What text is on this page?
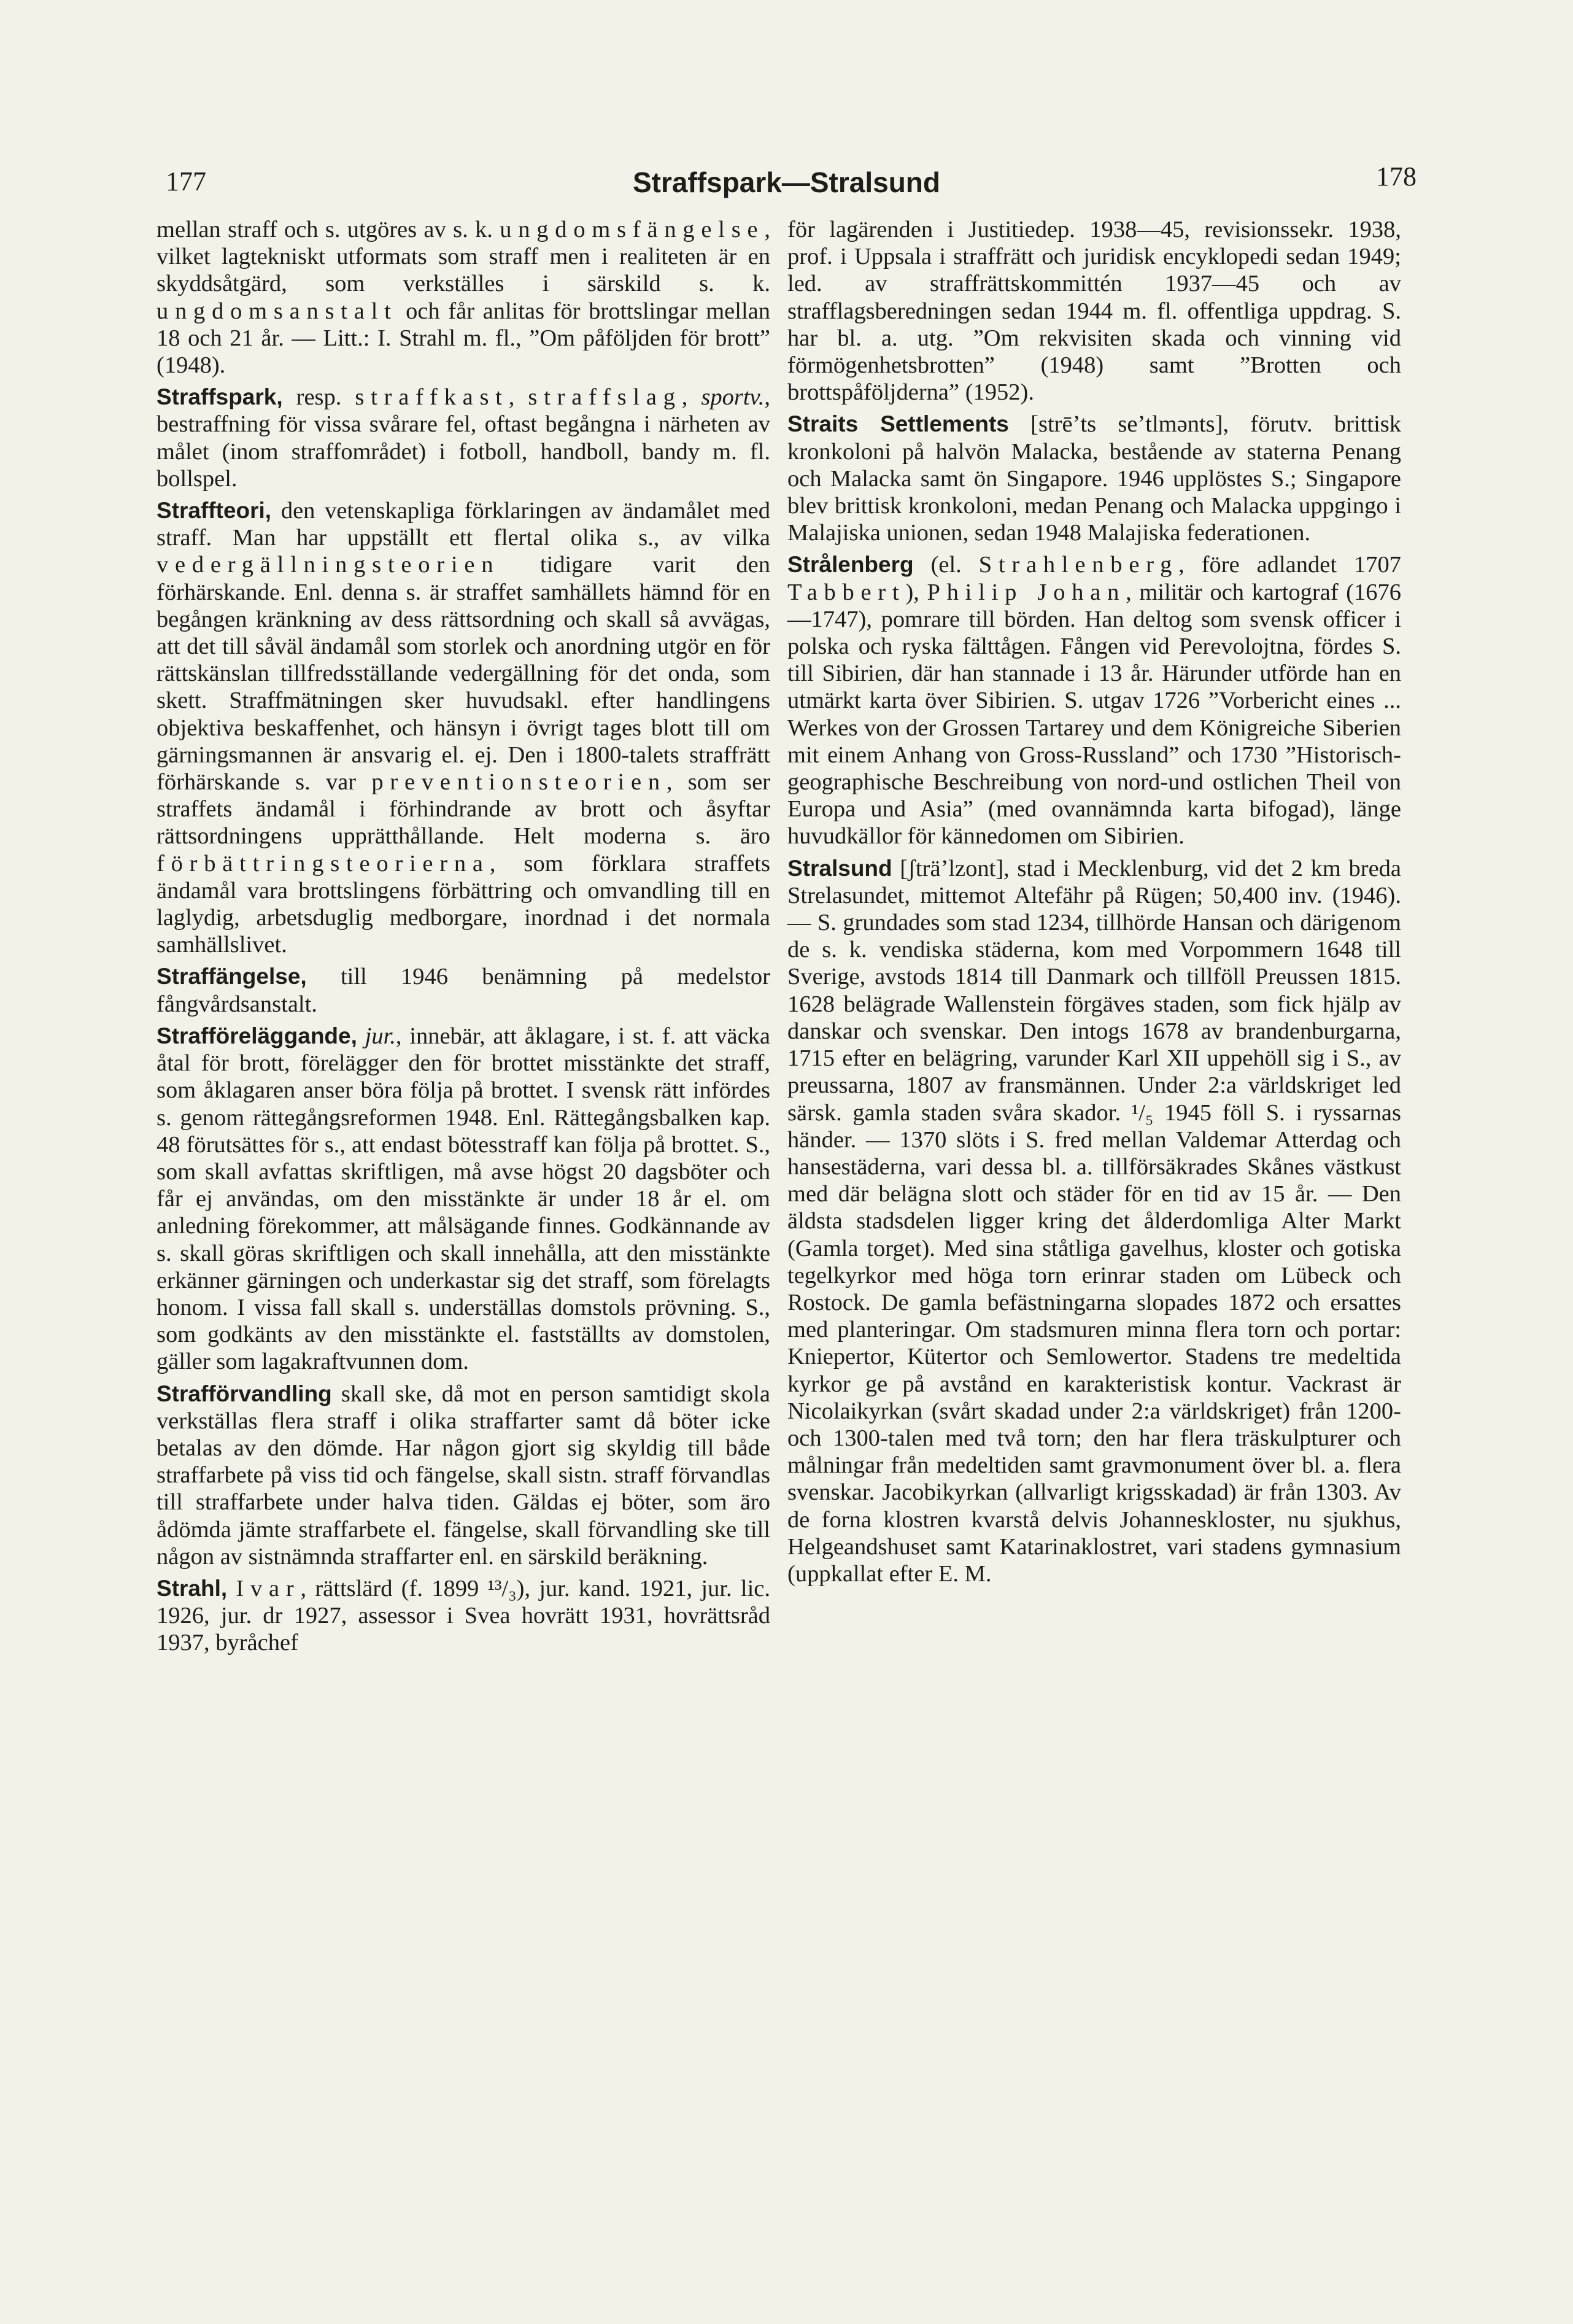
177	Straffspark—Stralsund	178

mellan straff och s. utgöres av s. k. ungdomsfängelse, vilket lagtekniskt utformats som straff men i realiteten är en skyddsåtgärd, som verkställes i särskild s. k. ungdomsanstalt och får anlitas för brottslingar mellan 18 och 21 år. — Litt.: I. Strahl m. fl., ”Om påföljden för brott” (1948).

Straffspark, resp. straffkast, straffslag, sportv., bestraffning för vissa svårare fel, oftast begångna i närheten av målet (inom straffområdet) i fotboll, handboll, bandy m. fl. bollspel.

Straffteori, den vetenskapliga förklaringen av ändamålet med straff. Man har uppställt ett flertal olika s., av vilka vedergällningsteorien tidigare varit den förhärskande. Enl. denna s. är straffet samhällets hämnd för en begången kränkning av dess rättsordning och skall så avvägas, att det till såväl ändamål som storlek och anordning utgör en för rättskänslan tillfredsställande vedergällning för det onda, som skett. Straffmätningen sker huvudsakl. efter handlingens objektiva beskaffenhet, och hänsyn i övrigt tages blott till om gärningsmannen är ansvarig el. ej. Den i 1800-talets straffrätt förhärskande s. var preventionsteorien, som ser straffets ändamål i förhindrande av brott och åsyftar rättsordningens upprätthållande. Helt moderna s. äro förbättringsteorierna, som förklara straffets ändamål vara brottslingens förbättring och omvandling till en laglydig, arbetsduglig medborgare, inordnad i det normala samhällslivet.

Straffängelse, till 1946 benämning på medelstor fångvårdsanstalt.

Strafföreläggande, jur., innebär, att åklagare, i st. f. att väcka åtal för brott, förelägger den för brottet misstänkte det straff, som åklagaren anser böra följa på brottet. I svensk rätt infördes s. genom rättegångsreformen 1948. Enl. Rättegångsbalken kap. 48 förutsättes för s., att endast bötesstraff kan följa på brottet. S., som skall avfattas skriftligen, må avse högst 20 dagsböter och får ej användas, om den misstänkte är under 18 år el. om anledning förekommer, att målsägande finnes. Godkännande av s. skall göras skriftligen och skall innehålla, att den misstänkte erkänner gärningen och underkastar sig det straff, som förelagts honom. I vissa fall skall s. underställas domstols prövning. S., som godkänts av den misstänkte el. fastställts av domstolen, gäller som lagakraftvunnen dom.

Strafförvandling skall ske, då mot en person samtidigt skola verkställas flera straff i olika straffarter samt då böter icke betalas av den dömde. Har någon gjort sig skyldig till både straffarbete på viss tid och fängelse, skall sistn. straff förvandlas till straffarbete under halva tiden. Gäldas ej böter, som äro ådömda jämte straffarbete el. fängelse, skall förvandling ske till någon av sistnämnda straffarter enl. en särskild beräkning.

Strahl, Ivar, rättslärd (f. 1899 ¹³/₃), jur. kand. 1921, jur. lic. 1926, jur. dr 1927, assessor i Svea hovrätt 1931, hovrättsråd 1937, byråchef

för lagärenden i Justitiedep. 1938—45, revisionssekr. 1938, prof. i Uppsala i straffrätt och juridisk encyklopedi sedan 1949; led. av straffrättskommittén 1937—45 och av strafflagsberedningen sedan 1944 m. fl. offentliga uppdrag. S. har bl. a. utg. ”Om rekvisiten skada och vinning vid förmögenhetsbrotten” (1948) samt ”Brotten och brottspåföljderna” (1952).

Straits Settlements [strēʼts seʼtlmənts], förutv. brittisk kronkoloni på halvön Malacka, bestående av staterna Penang och Malacka samt ön Singapore. 1946 upplöstes S.; Singapore blev brittisk kronkoloni, medan Penang och Malacka uppgingo i Malajiska unionen, sedan 1948 Malajiska federationen.

Strålenberg (el. Strahlenberg, före adlandet 1707 Tabbert), Philip Johan, militär och kartograf (1676—1747), pomrare till börden. Han deltog som svensk officer i polska och ryska fälttågen. Fången vid Perevolojtna, fördes S. till Sibirien, där han stannade i 13 år. Härunder utförde han en utmärkt karta över Sibirien. S. utgav 1726 ”Vorbericht eines ... Werkes von der Grossen Tartarey und dem Königreiche Siberien mit einem Anhang von Gross-Russland” och 1730 ”Historisch-geographische Beschreibung von nord-und ostlichen Theil von Europa und Asia” (med ovannämnda karta bifogad), länge huvudkällor för kännedomen om Sibirien.

Stralsund [ʃträʼlzont], stad i Mecklenburg, vid det 2 km breda Strelasundet, mittemot Altefähr på Rügen; 50,400 inv. (1946). — S. grundades som stad 1234, tillhörde Hansan och därigenom de s. k. vendiska städerna, kom med Vorpommern 1648 till Sverige, avstods 1814 till Danmark och tillföll Preussen 1815. 1628 belägrade Wallenstein förgäves staden, som fick hjälp av danskar och svenskar. Den intogs 1678 av brandenburgarna, 1715 efter en belägring, varunder Karl XII uppehöll sig i S., av preussarna, 1807 av fransmännen. Under 2:a världskriget led särsk. gamla staden svåra skador. ¹/₅ 1945 föll S. i ryssarnas händer. — 1370 slöts i S. fred mellan Valdemar Atterdag och hansestäderna, vari dessa bl. a. tillförsäkrades Skånes västkust med där belägna slott och städer för en tid av 15 år. — Den äldsta stadsdelen ligger kring det ålderdomliga Alter Markt (Gamla torget). Med sina ståtliga gavelhus, kloster och gotiska tegelkyrkor med höga torn erinrar staden om Lübeck och Rostock. De gamla befästningarna slopades 1872 och ersattes med planteringar. Om stadsmuren minna flera torn och portar: Kniepertor, Kütertor och Semlowertor. Stadens tre medeltida kyrkor ge på avstånd en karakteristisk kontur. Vackrast är Nicolaikyrkan (svårt skadad under 2:a världskriget) från 1200- och 1300-talen med två torn; den har flera träskulpturer och målningar från medeltiden samt gravmonument över bl. a. flera svenskar. Jacobikyrkan (allvarligt krigsskadad) är från 1303. Av de forna klostren kvarstå delvis Johanneskloster, nu sjukhus, Helgeandshuset samt Katarinaklostret, vari stadens gymnasium (uppkallat efter E. M.
